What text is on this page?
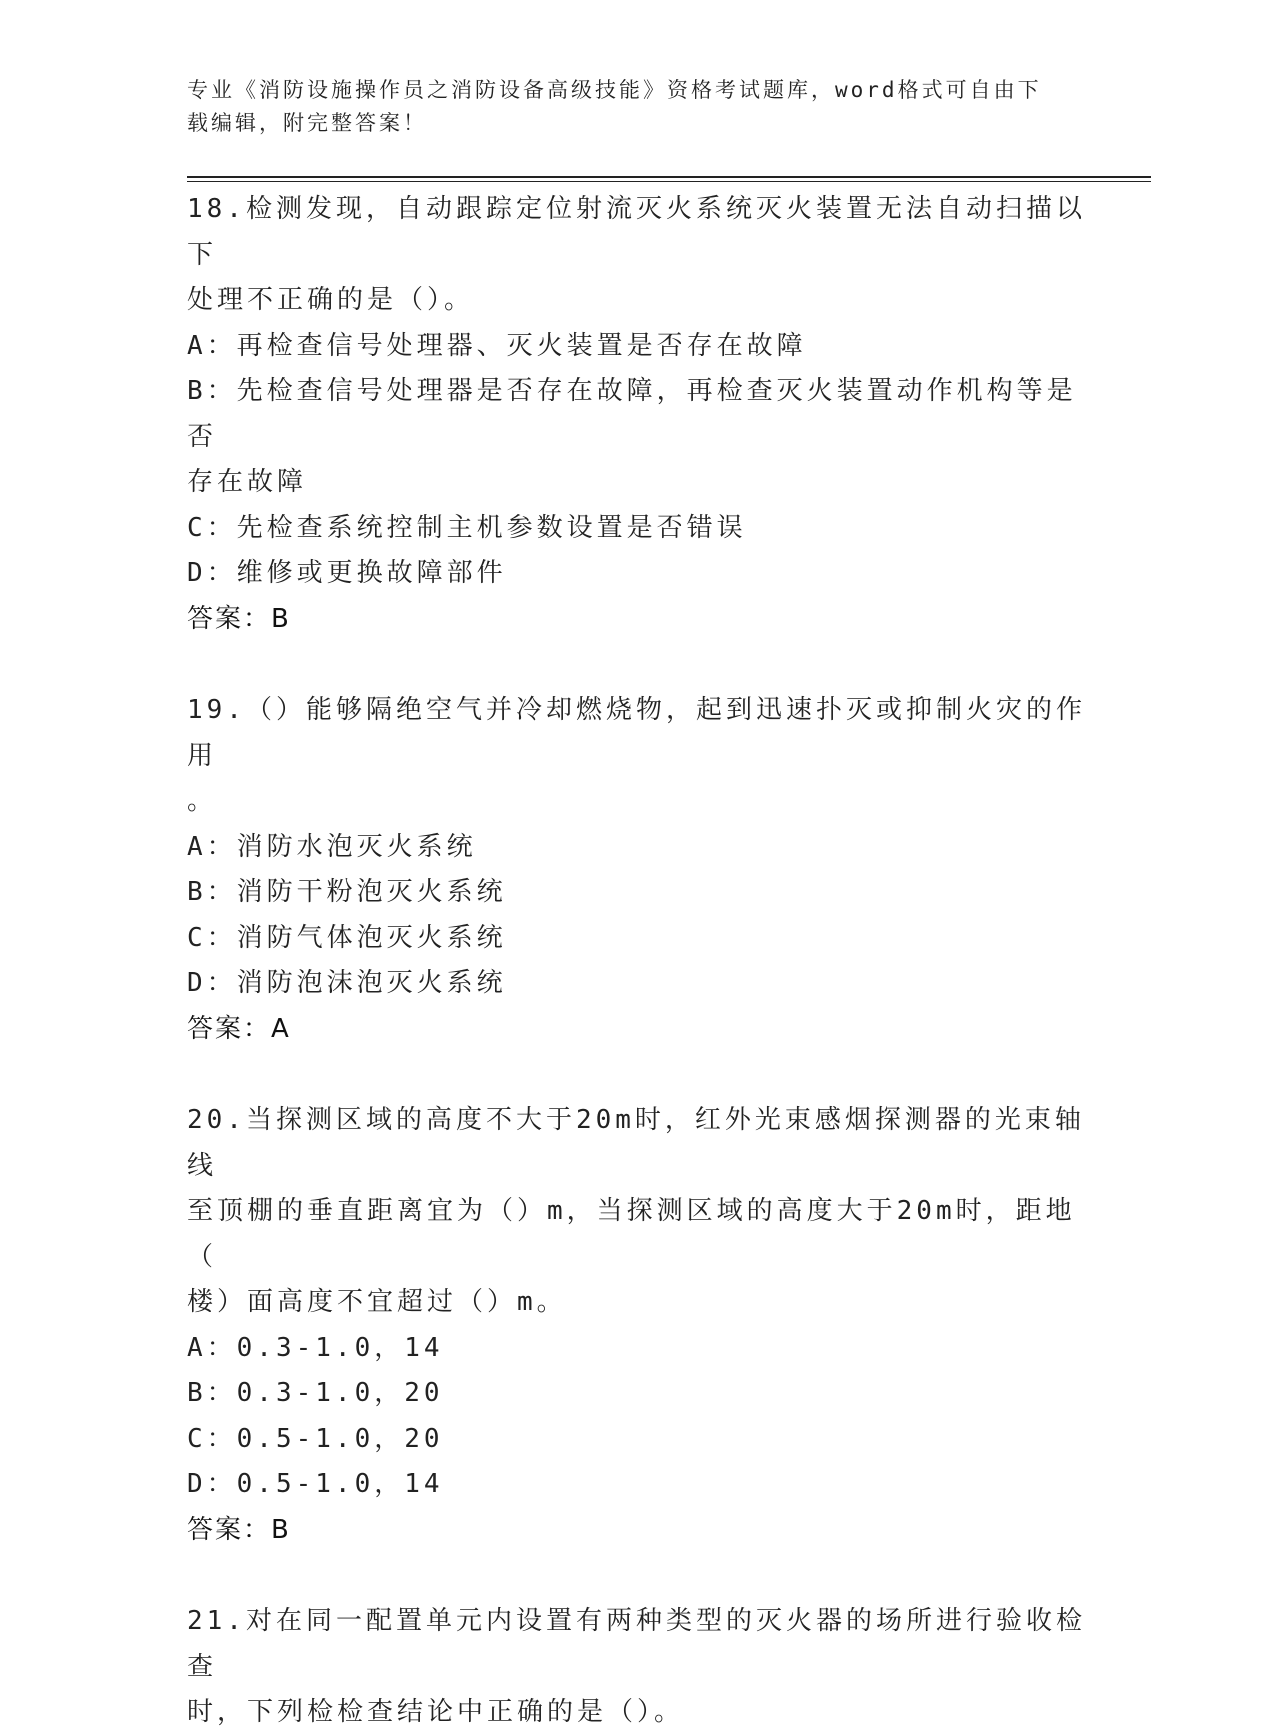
专业《消防设施操作员之消防设备高级技能》资格考试题库，word格式可自由下
载编辑，附完整答案！
18.检测发现，自动跟踪定位射流灭火系统灭火装置无法自动扫描以下
处理不正确的是（）。
A：再检查信号处理器、灭火装置是否存在故障
B：先检查信号处理器是否存在故障，再检查灭火装置动作机构等是否
存在故障
C：先检查系统控制主机参数设置是否错误
D：维修或更换故障部件
答案：B
19.（）能够隔绝空气并冷却燃烧物，起到迅速扑灭或抑制火灾的作用
。
A：消防水泡灭火系统
B：消防干粉泡灭火系统
C：消防气体泡灭火系统
D：消防泡沫泡灭火系统
答案：A
20.当探测区域的高度不大于20m时，红外光束感烟探测器的光束轴线
至顶棚的垂直距离宜为（）m，当探测区域的高度大于20m时，距地（
楼）面高度不宜超过（）m。
A：0.3-1.0，14
B：0.3-1.0，20
C：0.5-1.0，20
D：0.5-1.0，14
答案：B
21.对在同一配置单元内设置有两种类型的灭火器的场所进行验收检查
时，下列检检查结论中正确的是（）。
